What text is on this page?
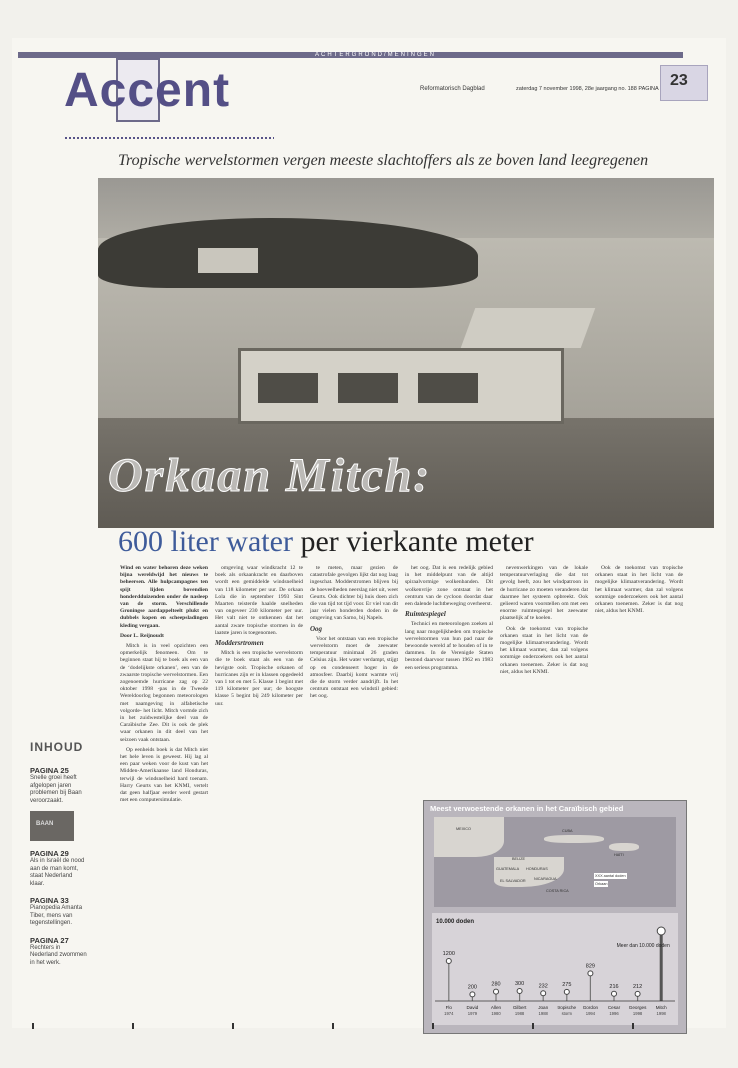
ACHTERGROND/MENINGEN
Accent	Reformatorisch Dagblad	zaterdag 7 november 1998, 28e jaargang no. 188 PAGINA 23
Tropische wervelstormen vergen meeste slachtoffers als ze boven land leegregenen
Orkaan Mitch:
600 liter water per vierkante meter

Wind en water behoren deze weken bijna wereldwijd het nieuws te beheersen. Alle hulpcampagnes ten spijt lijden bovendien honderdduizenden onder de nasleep van de storm. Verschillende Groningse aardappelteelt plukt en dubbels kopen en scheepsladingen kleding vergaan.

Door L. Reijnoudt

Mitch is in veel opzichten een opmerkelijk fenomeen. Om te beginnen staat hij te boek als een van de ‘dodelijkste orkanen’, een van de zwaarste tropische wervelstormen. Een zogenoemde hurricane zag op 22 oktober 1998 -pas in de Tweede Wereldoorlog begonnen meteorologen met naamgeving in alfabetische volgorde- het licht. Mitch vormde zich in het zuidwestelijke deel van de Caraïbische Zee. Dit is ook de plek waar orkanen in dit deel van het seizoen vaak ontstaan.

Op eenheids boek is dat Mitch niet het hele leven is geweest. Hij lag al een paar weken voor de kust van het Midden-Amerikaanse land Honduras, terwijl de windsnelheid hard toenam. Harry Geurts van het KNMI, vertelt dat geen halfjaar eerder werd gestart met een computersimulatie.

omgeving waar windkracht 12 te boek als orkaankracht en daarboven wordt een gemiddelde windsnelheid van 118 kilometer per uur. De orkaan Lola die in september 1993 Sint Maarten teisterde haalde snelheden van ongeveer 230 kilometer per uur. Het valt niet te ontkennen dat het aantal zware tropische stormen in de laatste jaren is toegenomen.

Moddersrtromen

Mitch is een tropische wervelstorm die te boek staat als een van de hevigste ooit. Tropische orkanen of hurricanes zijn er in klassen opgedeeld van 1 tot en met 5. Klasse 1 begint met 119 kilometer per uur; de hoogste klasse 5 begint bij 249 kilometer per uur.

te meten, maar gezien de catastrofale gevolgen lijkt dat nog laag ingeschat. Modderstromen blijven bij de hoeveelheden neerslag niet uit, weet Geurts. Ook dichter bij huis doen zich die van tijd tot tijd voor. Er viel van dit jaar vielen honderden doden in de omgeving van Sarno, bij Napels.

Oog

Voor het ontstaan van een tropische wervelstorm moet de zeewater temperatuur minimaal 26 graden Celsius zijn. Het water verdampt, stijgt op en condenseert hoger in de atmosfeer. Daarbij komt warmte vrij die de storm verder aandrijft. In het centrum ontstaat een windstil gebied: het oog.

het oog. Dat is een redelijk gebied in het middelpunt van de altijd spiraalvormige wolkenbanden. Dit wolkenvrije zone ontstaat in het centrum van de cycloon doordat daar een dalende luchtbeweging overheerst.

Ruimtespiegel

Technici en meteorologen zoeken al lang naar mogelijkheden om tropische wervelstormen van hun pad naar de bewoonde wereld af te houden of in te dammen. In de Verenigde Staten bestond daarvoor tussen 1962 en 1983 een serieus programma.

nevenwerkingen van de lokale temperatuurverlaging die dat tot gevolg heeft, zou het windpatroon in de hurricane zo moeten veranderen dat daarmee het systeem opbreekt. Ook gelieerd waren voorstellen om met een enorme ruimtespiegel het zeewater plaatselijk af te koelen.

Ook de toekomst van tropische orkanen staat in het licht van de mogelijke klimaatverandering. Wordt het klimaat warmer, dan zal volgens sommige onderzoekers ook het aantal orkanen toenemen. Zeker is dat nog niet, aldus het KNMI.

Ook de toekomst van tropische orkanen staat in het licht van de mogelijke klimaatverandering. Wordt het klimaat warmer, dan zal volgens sommige onderzoekers ook het aantal orkanen toenemen. Zeker is dat nog niet, aldus het KNMI.

INHOUD
PAGINA 25
Snelle groei heeft afgelopen jaren problemen bij Baan veroorzaakt.
BAAN
PAGINA 29
Als in Israël de nood aan de man komt, staat Nederland klaar.
PAGINA 33
Pianopedia Amanta Tiber, mens van tegenstellingen.
PAGINA 27
Rechters in Nederland zwommen in het werk.
Meest verwoestende orkanen in het Caraïbisch gebied
MEXICO	CUBA
HONDURAS
NICARAGUA
HAÏTI
COSTA RICA
GUATEMALA
EL SALVADOR
BELIZE
XXX aantal doden
Orkaan
10.000 doden
1200
Flo
1974
200
David
1979
280
Allen
1980
300
Gilbert
1988
232
Joan
1988
275
tropische
storm
829
Gordon
1994
216
Cesar
1996
212
Georges
1998
Meer dan 10.000 doden
Mitch
1998
